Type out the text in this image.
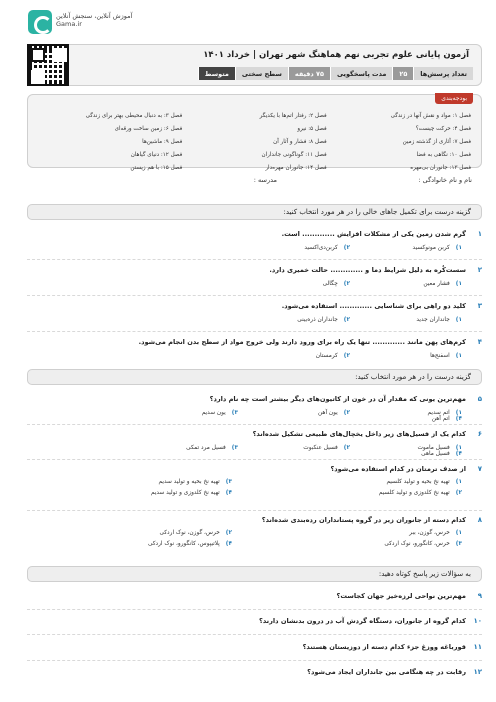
آموزش آنلاین، سنجش آنلاین
Gama.ir
آزمون پایانی علوم تجربی نهم هماهنگ شهر تهران | خرداد ۱۴۰۱
تعداد پرسش‌ها
۲۵
مدت پاسخگویی
۷۵ دقیقه
سطح سختی
متوسط
بودجه‌بندی
فصل ۱: مواد و نقش آنها در زندگی
فصل ۲: رفتار اتم‌ها با یکدیگر
فصل ۳: به دنبال محیطی بهتر برای زندگی
فصل ۴: حرکت چیست؟
فصل ۵: نیرو
فصل ۶: زمین ساخت ورقه‌ای
فصل ۷: آثاری از گذشته زمین
فصل ۸: فشار و آثار آن
فصل ۹: ماشین‌ها
فصل ۱۰: نگاهی به فضا
فصل ۱۱: گوناگونی جانداران
فصل ۱۲: دنیای گیاهان
فصل ۱۳: جانوران بی‌مهره
فصل ۱۴: جانوران مهره‌دار
فصل ۱۵: با هم زیستن
نام و نام خانوادگی :
مدرسه :
گزینه درست برای تکمیل جاهای خالی را در هر مورد انتخاب کنید:
۱
گرم شدن زمین یکی از مشکلات افزایش ............. است.
۱)
کربن مونوکسید
۲)
کربن‌دی‌اکسید
۲
سست‌کُره به دلیل شرایط دما و ............. حالت خمیری دارد.
۱)
فشار معین
۲)
چگالی
۳
کلید دو راهی برای شناسایی ............. استفاده می‌شود.
۱)
جانداران جدید
۲)
جانداران ذره‌بینی
۴
کرم‌های پهن مانند ............. تنها یک راه برای ورود دارند ولی خروج مواد از سطح بدن انجام می‌شود.
۱)
اسفنج‌ها
۲)
کرمستان
گزینه درست را در هر مورد انتخاب کنید:
۵
مهم‌ترین یونی که مقدار آن در خون از کاتیون‌های دیگر بیشتر است چه نام دارد؟
۱)
اتم سدیم
۲)
یون آهن
۳)
یون سدیم
۴)
اتم آهن
۶
کدام یک از فسیل‌های زیر داخل یخچال‌های طبیعی تشکیل شده‌اند؟
۱)
فسیل ماموت
۲)
فسیل عنکبوت
۳)
فسیل مرد تمکی
۴)
فسیل ماهی
۷
از صدف ترمتان در کدام استفاده می‌شود؟
۱)
تهیه نخ بخیه و تولید کلسیم
۲)
تهیه نخ کلدوزی و تولید کلسیم
۳)
تهیه نخ بخیه و تولید سدیم
۴)
تهیه نخ کلدوزی و تولید سدیم
۸
کدام دسته از جانوران زیر در گروه پستانداران رده‌بندی شده‌اند؟
۱)
خرس، گوزن، ببر
۳)
خرس، کانگورو، نوک اردکی
۲)
خرس، گوزن، نوک اردکی
۴)
پلاتیپوس، کانگورو، نوک اردکی
به سؤالات زیر پاسخ کوتاه دهید:
۹
مهم‌ترین نواحی لرزه‌خیز جهان کجاست؟
۱۰
کدام گروه از جانوران، دستگاه گردش آب در درون بدنشان دارند؟
۱۱
قورباغه ووزغ جزء کدام دسته از دوزیستان هستند؟
۱۲
رقابت در چه هنگامی بین جانداران ایجاد می‌شود؟
